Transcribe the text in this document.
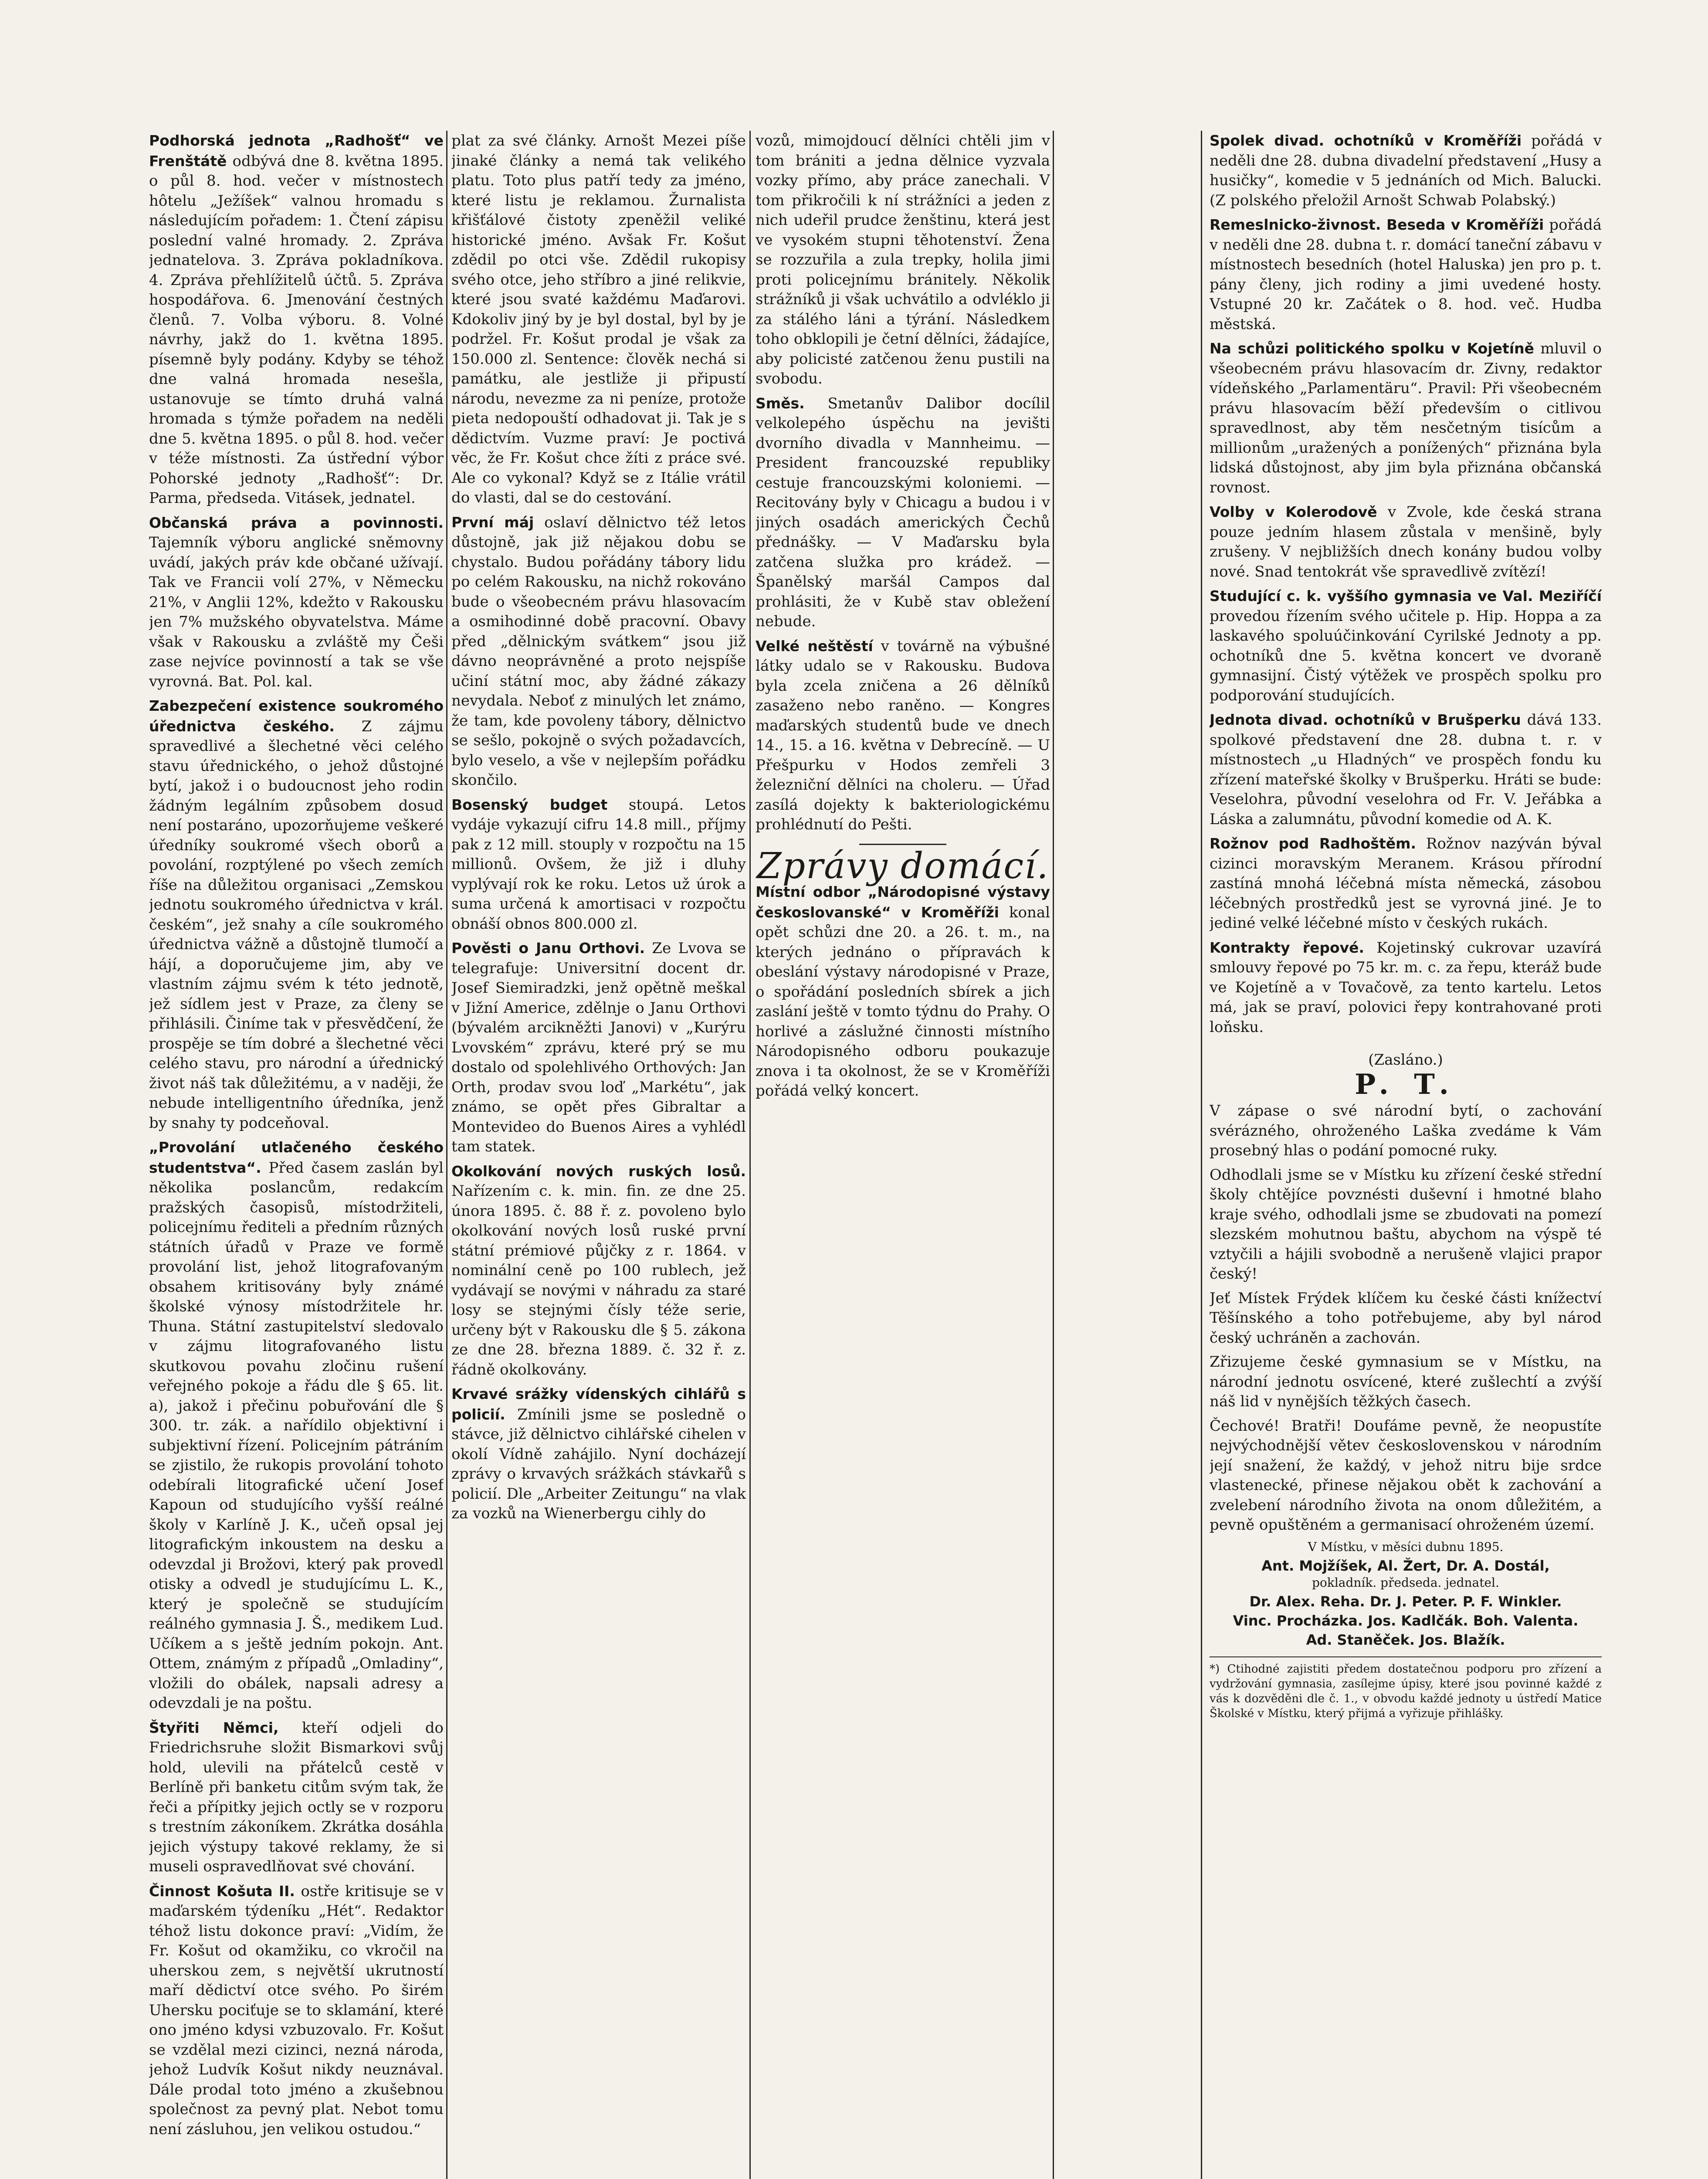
Podhorská jednota „Radhošť“ ve Frenštátě odbývá dne 8. května 1895. o půl 8. hod. večer v místnostech hôtelu „Ježíšek“ valnou hromadu s následujícím pořadem: 1. Čtení zápisu poslední valné hromady. 2. Zpráva jednatelova. 3. Zpráva pokladníkova. 4. Zpráva přehlížitelů účtů. 5. Zpráva hospodářova. 6. Jmenování čestných členů. 7. Volba výboru. 8. Volné návrhy, jakž do 1. května 1895. písemně byly podány. Kdyby se téhož dne valná hromada nesešla, ustanovuje se tímto druhá valná hromada s týmže pořadem na neděli dne 5. května 1895. o půl 8. hod. večer v téže místnosti. Za ústřední výbor Pohorské jednoty „Radhošť“: Dr. Parma, předseda. Vitásek, jednatel.

Občanská práva a povinnosti. Tajemník výboru anglické sněmovny uvádí, jakých práv kde občané užívají. Tak ve Francii volí 27%, v Německu 21%, v Anglii 12%, kdežto v Rakousku jen 7% mužského obyvatelstva. Máme však v Rakousku a zvláště my Češi zase nejvíce povinností a tak se vše vyrovná. Bat. Pol. kal.

Zabezpečení existence soukromého úřednictva českého. Z zájmu spravedlivé a šlechetné věci celého stavu úřednického, o jehož důstojné bytí, jakož i o budoucnost jeho rodin žádným legálním způsobem dosud není postaráno, upozorňujeme veškeré úředníky soukromé všech oborů a povolání, rozptýlené po všech zemích říše na důležitou organisaci „Zemskou jednotu soukromého úřednictva v král. českém“, jež snahy a cíle soukromého úřednictva vážně a důstojně tlumočí a hájí, a doporučujeme jim, aby ve vlastním zájmu svém k této jednotě, jež sídlem jest v Praze, za členy se přihlásili. Činíme tak v přesvědčení, že prospěje se tím dobré a šlechetné věci celého stavu, pro národní a úřednický život náš tak důležitému, a v naději, že nebude intelligentního úředníka, jenž by snahy ty podceňoval.

„Provolání utlačeného českého studentstva“. Před časem zaslán byl několika poslancům, redakcím pražských časopisů, místodržiteli, policejnímu řediteli a předním různých státních úřadů v Praze ve formě provolání list, jehož litografovaným obsahem kritisovány byly známé školské výnosy místodržitele hr. Thuna. Státní zastupitelství sledovalo v zájmu litografovaného listu skutkovou povahu zločinu rušení veřejného pokoje a řádu dle § 65. lit. a), jakož i přečinu pobuřování dle § 300. tr. zák. a nařídilo objektivní i subjektivní řízení. Policejním pátráním se zjistilo, že rukopis provolání tohoto odebírali litografické učení Josef Kapoun od studujícího vyšší reálné školy v Karlíně J. K., učeň opsal jej litografickým inkoustem na desku a odevzdal ji Brožovi, který pak provedl otisky a odvedl je studujícímu L. K., který je společně se studujícím reálného gymnasia J. Š., medikem Lud. Učíkem a s ještě jedním pokojn. Ant. Ottem, známým z případů „Omladiny“, vložili do obálek, napsali adresy a odevzdali je na poštu.

Štyřiti Němci, kteří odjeli do Friedrichsruhe složit Bismarkovi svůj hold, ulevili na přátelců cestě v Berlíně při banketu citům svým tak, že řeči a přípitky jejich octly se v rozporu s trestním zákoníkem. Zkrátka dosáhla jejich výstupy takové reklamy, že si museli ospravedlňovat své chování.

Činnost Košuta II. ostře kritisuje se v maďarském týdeníku „Hét“. Redaktor téhož listu dokonce praví: „Vidím, že Fr. Košut od okamžiku, co vkročil na uherskou zem, s největší ukrutností maří dědictví otce svého. Po širém Uhersku pociťuje se to sklamání, které ono jméno kdysi vzbuzovalo. Fr. Košut se vzdělal mezi cizinci, nezná národa, jehož Ludvík Košut nikdy neuznával. Dále prodal toto jméno a zkušebnou společnost za pevný plat. Nebot tomu není zásluhou, jen velikou ostudou.“

plat za své články. Arnošt Mezei píše jinaké články a nemá tak velikého platu. Toto plus patří tedy za jméno, které listu je reklamou. Žurnalista křišťálové čistoty zpeněžil veliké historické jméno. Avšak Fr. Košut zdědil po otci vše. Zdědil rukopisy svého otce, jeho stříbro a jiné relikvie, které jsou svaté každému Maďarovi. Kdokoliv jiný by je byl dostal, byl by je podržel. Fr. Košut prodal je však za 150.000 zl. Sentence: člověk nechá si památku, ale jestliže ji připustí národu, nevezme za ni peníze, protože pieta nedopouští odhadovat ji. Tak je s dědictvím. Vuzme praví: Je poctivá věc, že Fr. Košut chce žíti z práce své. Ale co vykonal? Když se z Itálie vrátil do vlasti, dal se do cestování.

První máj oslaví dělnictvo též letos důstojně, jak již nějakou dobu se chystalo. Budou pořádány tábory lidu po celém Rakousku, na nichž rokováno bude o všeobecném právu hlasovacím a osmihodinné době pracovní. Obavy před „dělnickým svátkem“ jsou již dávno neoprávněné a proto nejspíše učiní státní moc, aby žádné zákazy nevydala. Neboť z minulých let známo, že tam, kde povoleny tábory, dělnictvo se sešlo, pokojně o svých požadavcích, bylo veselo, a vše v nejlepším pořádku skončilo.

Bosenský budget stoupá. Letos vydáje vykazují cifru 14.8 mill., příjmy pak z 12 mill. stouply v rozpočtu na 15 millionů. Ovšem, že již i dluhy vyplývají rok ke roku. Letos už úrok a suma určená k amortisaci v rozpočtu obnáší obnos 800.000 zl.

Pověsti o Janu Orthovi. Ze Lvova se telegrafuje: Universitní docent dr. Josef Siemiradzki, jenž opětně meškal v Jižní Americe, zdělnje o Janu Orthovi (bývalém arcikněžti Janovi) v „Kurýru Lvovském“ zprávu, které prý se mu dostalo od spolehlivého Orthových: Jan Orth, prodav svou loď „Markétu“, jak známo, se opět přes Gibraltar a Montevideo do Buenos Aires a vyhlédl tam statek.

Okolkování nových ruských losů. Nařízením c. k. min. fin. ze dne 25. února 1895. č. 88 ř. z. povoleno bylo okolkování nových losů ruské první státní prémiové půjčky z r. 1864. v nominální ceně po 100 rublech, jež vydávají se novými v náhradu za staré losy se stejnými čísly téže serie, určeny být v Rakousku dle § 5. zákona ze dne 28. března 1889. č. 32 ř. z. řádně okolkovány.

Krvavé srážky vídenských cihlářů s policií. Zmínili jsme se posledně o stávce, již dělnictvo cihlářské cihelen v okolí Vídně zahájilo. Nyní docházejí zprávy o krvavých srážkách stávkařů s policií. Dle „Arbeiter Zeitungu“ na vlak za vozků na Wienerbergu cihly do

vozů, mimojdoucí dělníci chtěli jim v tom brániti a jedna dělnice vyzvala vozky přímo, aby práce zanechali. V tom přikročili k ní strážníci a jeden z nich udeřil prudce ženštinu, která jest ve vysokém stupni těhotenství. Žena se rozzuřila a zula trepky, holila jimi proti policejnímu bránitely. Několik strážníků ji však uchvátilo a odvléklo ji za stálého láni a týrání. Následkem toho obklopili je četní dělníci, žádajíce, aby policisté zatčenou ženu pustili na svobodu.

Směs. Smetanův Dalibor docílil velkolepého úspěchu na jevišti dvorního divadla v Mannheimu. — President francouzské republiky cestuje francouzskými koloniemi. — Recitovány byly v Chicagu a budou i v jiných osadách amerických Čechů přednášky. — V Maďarsku byla zatčena služka pro krádež. — Španělský maršál Campos dal prohlásiti, že v Kubě stav obležení nebude.

Velké neštěstí v továrně na výbušné látky udalo se v Rakousku. Budova byla zcela zničena a 26 dělníků zasaženo nebo raněno. — Kongres maďarských studentů bude ve dnech 14., 15. a 16. května v Debrecíně. — U Přešpurku v Hodos zemřeli 3 železniční dělníci na choleru. — Úřad zasílá dojekty k bakteriologickému prohlédnutí do Pešti.

Zprávy domácí.

Místní odbor „Národopisné výstavy českoslovanské“ v Kroměříži konal opět schůzi dne 20. a 26. t. m., na kterých jednáno o přípravách k obeslání výstavy národopisné v Praze, o spořádání posledních sbírek a jich zaslání ještě v tomto týdnu do Prahy. O horlivé a záslužné činnosti místního Národopisného odboru poukazuje znova i ta okolnost, že se v Kroměříži pořádá velký koncert.

Spolek divad. ochotníků v Kroměříži pořádá v neděli dne 28. dubna divadelní představení „Husy a husičky“, komedie v 5 jednáních od Mich. Balucki. (Z polského přeložil Arnošt Schwab Polabský.)

Remeslnicko-živnost. Beseda v Kroměříži pořádá v neděli dne 28. dubna t. r. domácí taneční zábavu v místnostech besedních (hotel Haluska) jen pro p. t. pány členy, jich rodiny a jimi uvedené hosty. Vstupné 20 kr. Začátek o 8. hod. več. Hudba městská.

Na schůzi politického spolku v Kojetíně mluvil o všeobecném právu hlasovacím dr. Zivny, redaktor vídeňského „Parlamentäru“. Pravil: Při všeobecném právu hlasovacím běží především o citlivou spravedlnost, aby těm nesčetným tisícům a millionům „uražených a ponížených“ přiznána byla lidská důstojnost, aby jim byla přiznána občanská rovnost.

Volby v Kolerodově v Zvole, kde česká strana pouze jedním hlasem zůstala v menšině, byly zrušeny. V nejbližších dnech konány budou volby nové. Snad tentokrát vše spravedlivě zvítězí!

Studující c. k. vyššího gymnasia ve Val. Meziříčí provedou řízením svého učitele p. Hip. Hoppa a za laskavého spoluúčinkování Cyrilské Jednoty a pp. ochotníků dne 5. května koncert ve dvoraně gymnasijní. Čistý výtěžek ve prospěch spolku pro podporování studujících.

Jednota divad. ochotníků v Brušperku dává 133. spolkové představení dne 28. dubna t. r. v místnostech „u Hladných“ ve prospěch fondu ku zřízení mateřské školky v Brušperku. Hráti se bude: Veselohra, původní veselohra od Fr. V. Jeřábka a Láska a zalumnátu, původní komedie od A. K.

Rožnov pod Radhoštěm. Rožnov nazýván býval cizinci moravským Meranem. Krásou přírodní zastíná mnohá léčebná místa německá, zásobou léčebných prostředků jest se vyrovná jiné. Je to jediné velké léčebné místo v českých rukách.

Kontrakty řepové. Kojetinský cukrovar uzavírá smlouvy řepové po 75 kr. m. c. za řepu, kteráž bude ve Kojetíně a v Tovačově, za tento kartelu. Letos má, jak se praví, polovici řepy kontrahované proti loňsku.

(Zasláno.)
P. T.

V zápase o své národní bytí, o zachování svérázného, ohroženého Laška zvedáme k Vám prosebný hlas o podání pomocné ruky.

Odhodlali jsme se v Místku ku zřízení české střední školy chtějíce povznésti duševní i hmotné blaho kraje svého, odhodlali jsme se zbudovati na pomezí slezském mohutnou baštu, abychom na výspě té vztyčili a hájili svobodně a nerušeně vlajici prapor český!

Jeť Místek Frýdek klíčem ku české části knížectví Těšínského a toho potřebujeme, aby byl národ český uchráněn a zachován.

Zřizujeme české gymnasium se v Místku, na národní jednotu osvícené, které zušlechtí a zvýší náš lid v nynějších těžkých časech.

Čechové! Bratři! Doufáme pevně, že neopustíte nejvýchodnější větev československou v národním její snažení, že každý, v jehož nitru bije srdce vlastenecké, přinese nějakou obět k zachování a zvelebení národního života na onom důležitém, a pevně opuštěném a germanisací ohroženém území.

V Místku, v měsíci dubnu 1895.

Ant. Mojžíšek, Al. Žert, Dr. A. Dostál,

pokladník. předseda. jednatel.

Dr. Alex. Reha. Dr. J. Peter. P. F. Winkler.

Vinc. Procházka. Jos. Kadlčák. Boh. Valenta.

Ad. Staněček. Jos. Blažík.

*) Ctihodné zajistiti předem dostatečnou podporu pro zřízení a vydržování gymnasia, zasílejme úpisy, které jsou povinné každé z vás k dozvěděni dle č. 1., v obvodu každé jednoty u ústředí Matice Školské v Místku, který přijmá a vyřizuje přihlášky.
